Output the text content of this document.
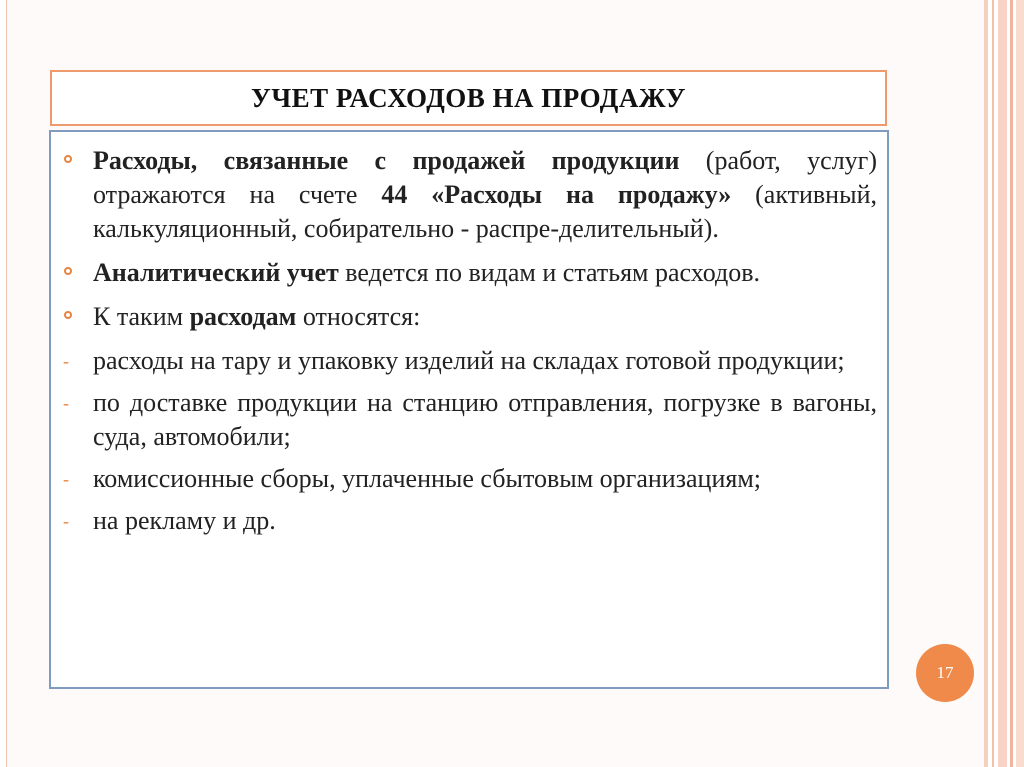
УЧЕТ РАСХОДОВ НА ПРОДАЖУ
Расходы, связанные с продажей продукции (работ, услуг) отражаются на счете 44 «Расходы на продажу» (активный, калькуляционный, собирательно - распре-делительный).
Аналитический учет ведется по видам и статьям расходов.
К таким расходам относятся:
- расходы на тару и упаковку изделий на складах готовой продукции;
- по доставке продукции на станцию отправления, погрузке в вагоны, суда, автомобили;
- комиссионные сборы, уплаченные сбытовым организациям;
- на рекламу и др.
17
